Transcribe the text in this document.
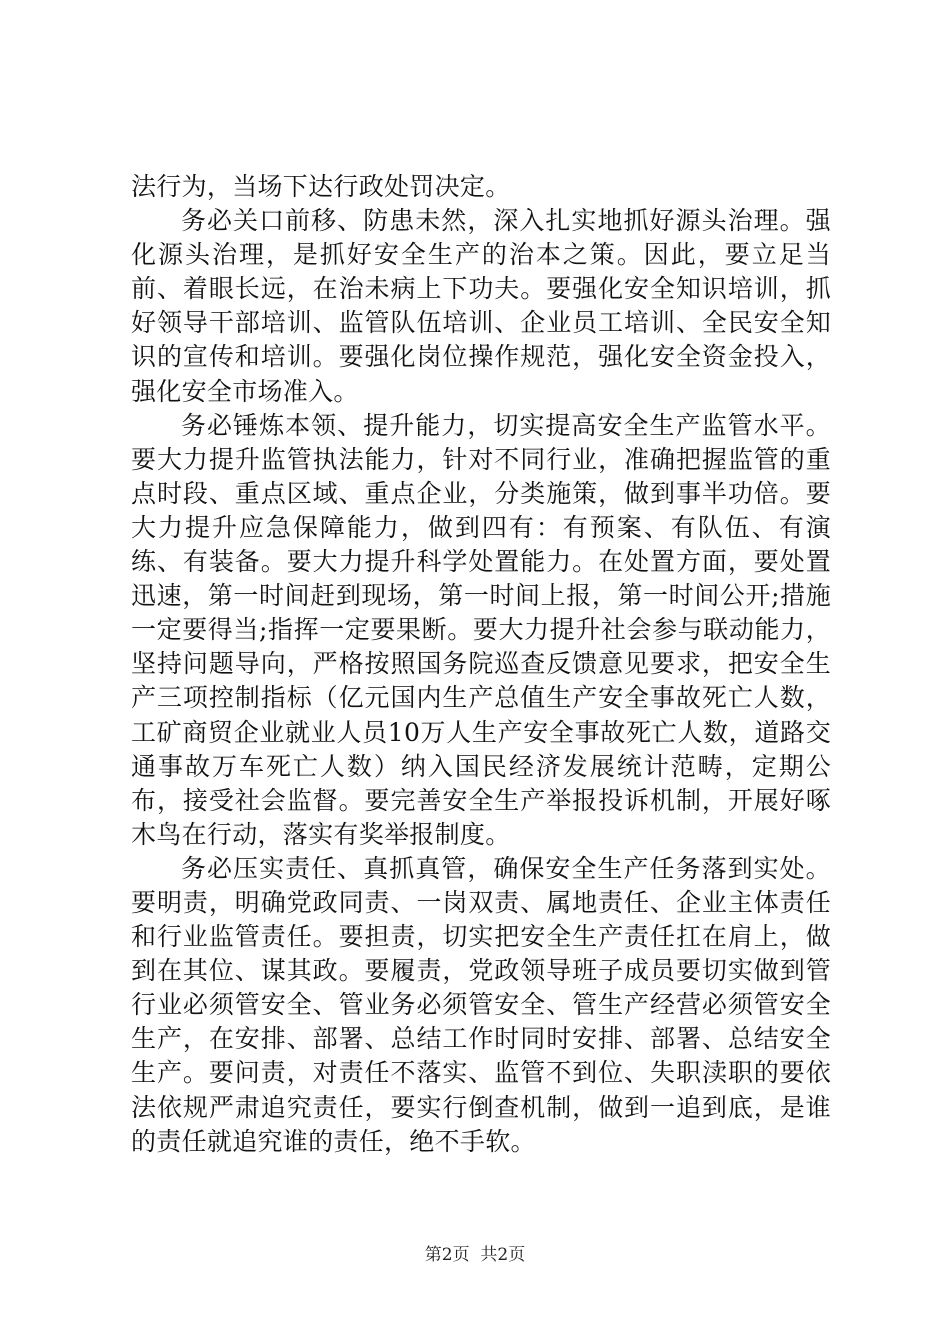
法行为，当场下达行政处罚决定。

务必关口前移、防患未然，深入扎实地抓好源头治理。强化源头治理，是抓好安全生产的治本之策。因此，要立足当前、着眼长远，在治未病上下功夫。要强化安全知识培训，抓好领导干部培训、监管队伍培训、企业员工培训、全民安全知识的宣传和培训。要强化岗位操作规范，强化安全资金投入，强化安全市场准入。

务必锤炼本领、提升能力，切实提高安全生产监管水平。要大力提升监管执法能力，针对不同行业，准确把握监管的重点时段、重点区域、重点企业，分类施策，做到事半功倍。要大力提升应急保障能力，做到四有：有预案、有队伍、有演练、有装备。要大力提升科学处置能力。在处置方面，要处置迅速，第一时间赶到现场，第一时间上报，第一时间公开;措施一定要得当;指挥一定要果断。要大力提升社会参与联动能力，坚持问题导向，严格按照国务院巡查反馈意见要求，把安全生产三项控制指标（亿元国内生产总值生产安全事故死亡人数，工矿商贸企业就业人员10万人生产安全事故死亡人数，道路交通事故万车死亡人数）纳入国民经济发展统计范畴，定期公布，接受社会监督。要完善安全生产举报投诉机制，开展好啄木鸟在行动，落实有奖举报制度。

务必压实责任、真抓真管，确保安全生产任务落到实处。要明责，明确党政同责、一岗双责、属地责任、企业主体责任和行业监管责任。要担责，切实把安全生产责任扛在肩上，做到在其位、谋其政。要履责，党政领导班子成员要切实做到管行业必须管安全、管业务必须管安全、管生产经营必须管安全生产，在安排、部署、总结工作时同时安排、部署、总结安全生产。要问责，对责任不落实、监管不到位、失职渎职的要依法依规严肃追究责任，要实行倒查机制，做到一追到底，是谁的责任就追究谁的责任，绝不手软。

第2页  共2页
